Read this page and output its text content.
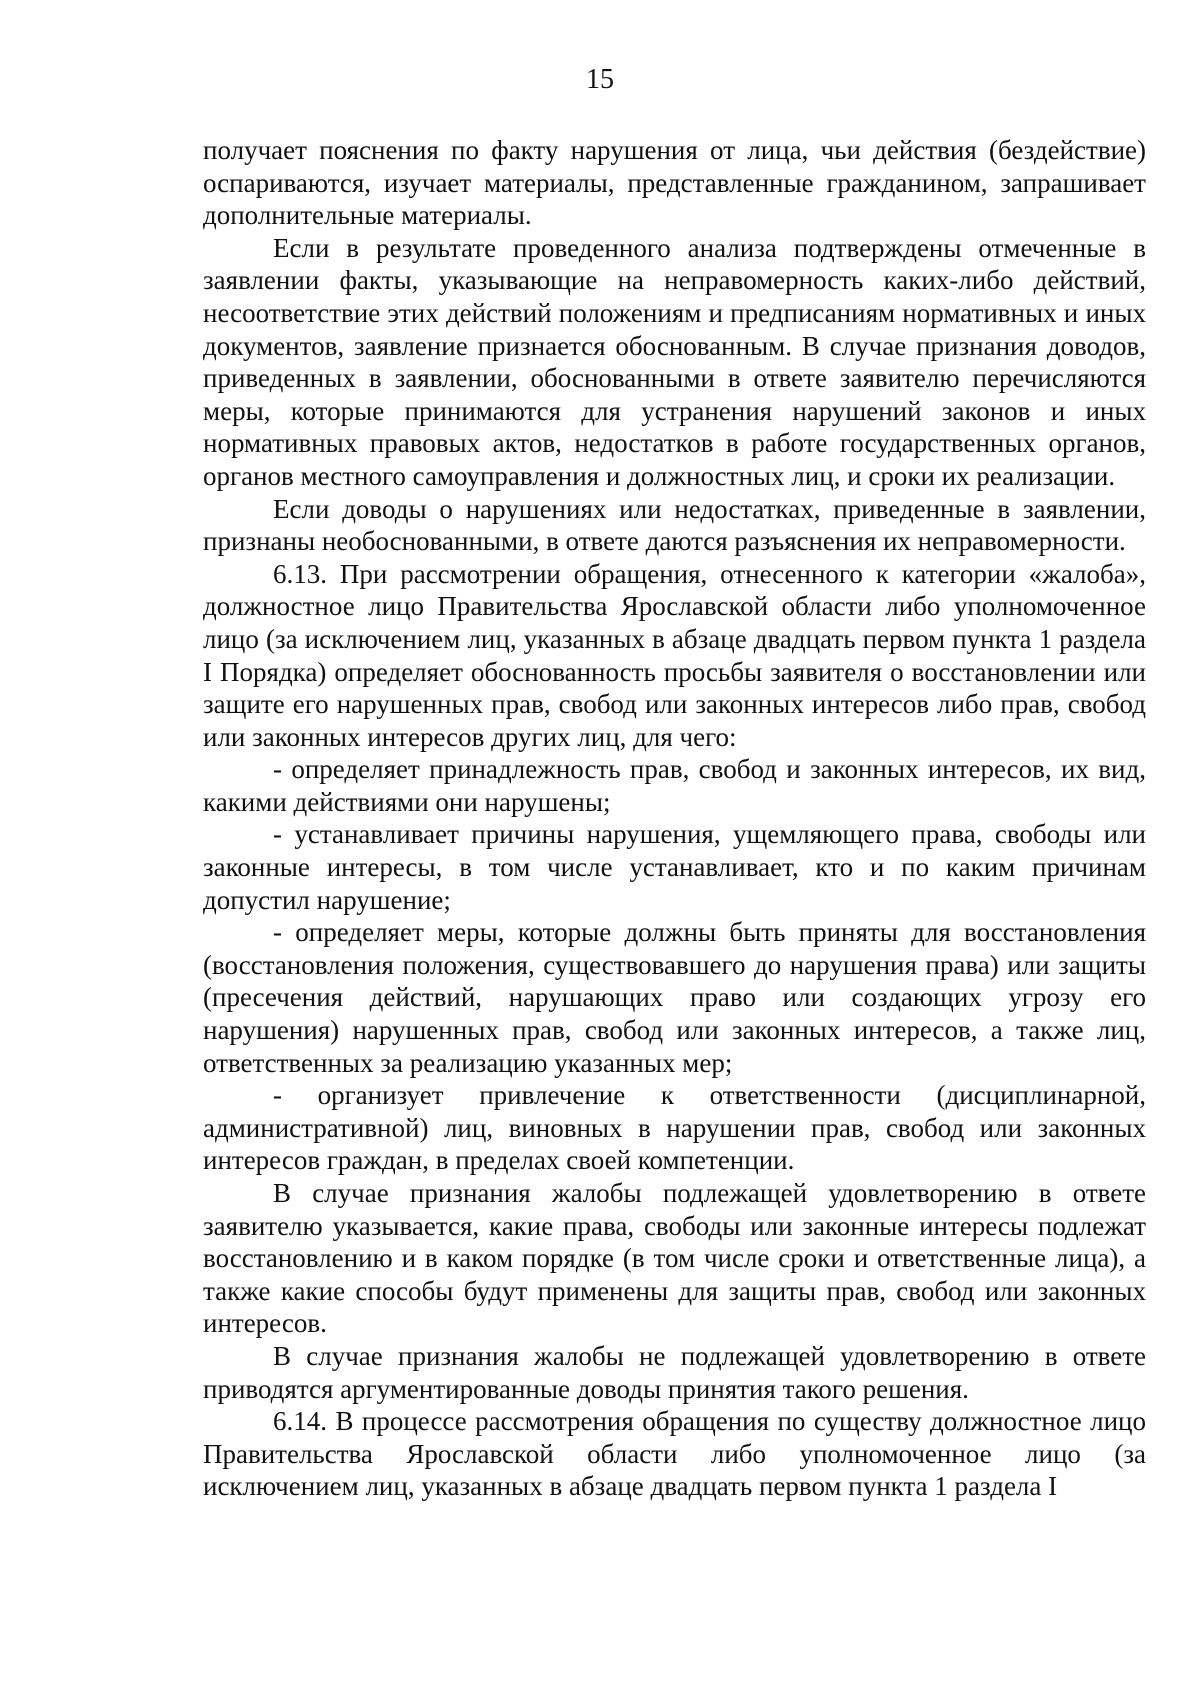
15

получает пояснения по факту нарушения от лица, чьи действия (бездействие) оспариваются, изучает материалы, представленные гражданином, запрашивает дополнительные материалы.

Если в результате проведенного анализа подтверждены отмеченные в заявлении факты, указывающие на неправомерность каких-либо действий, несоответствие этих действий положениям и предписаниям нормативных и иных документов, заявление признается обоснованным. В случае признания доводов, приведенных в заявлении, обоснованными в ответе заявителю перечисляются меры, которые принимаются для устранения нарушений законов и иных нормативных правовых актов, недостатков в работе государственных органов, органов местного самоуправления и должностных лиц, и сроки их реализации.

Если доводы о нарушениях или недостатках, приведенные в заявлении, признаны необоснованными, в ответе даются разъяснения их неправомерности.

6.13. При рассмотрении обращения, отнесенного к категории «жалоба», должностное лицо Правительства Ярославской области либо уполномоченное лицо (за исключением лиц, указанных в абзаце двадцать первом пункта 1 раздела I Порядка) определяет обоснованность просьбы заявителя о восстановлении или защите его нарушенных прав, свобод или законных интересов либо прав, свобод или законных интересов других лиц, для чего:

- определяет принадлежность прав, свобод и законных интересов, их вид, какими действиями они нарушены;

- устанавливает причины нарушения, ущемляющего права, свободы или законные интересы, в том числе устанавливает, кто и по каким причинам допустил нарушение;

- определяет меры, которые должны быть приняты для восстановления (восстановления положения, существовавшего до нарушения права) или защиты (пресечения действий, нарушающих право или создающих угрозу его нарушения) нарушенных прав, свобод или законных интересов, а также лиц, ответственных за реализацию указанных мер;

- организует привлечение к ответственности (дисциплинарной, административной) лиц, виновных в нарушении прав, свобод или законных интересов граждан, в пределах своей компетенции.

В случае признания жалобы подлежащей удовлетворению в ответе заявителю указывается, какие права, свободы или законные интересы подлежат восстановлению и в каком порядке (в том числе сроки и ответственные лица), а также какие способы будут применены для защиты прав, свобод или законных интересов.

В случае признания жалобы не подлежащей удовлетворению в ответе приводятся аргументированные доводы принятия такого решения.

6.14. В процессе рассмотрения обращения по существу должностное лицо Правительства Ярославской области либо уполномоченное лицо (за исключением лиц, указанных в абзаце двадцать первом пункта 1 раздела I
